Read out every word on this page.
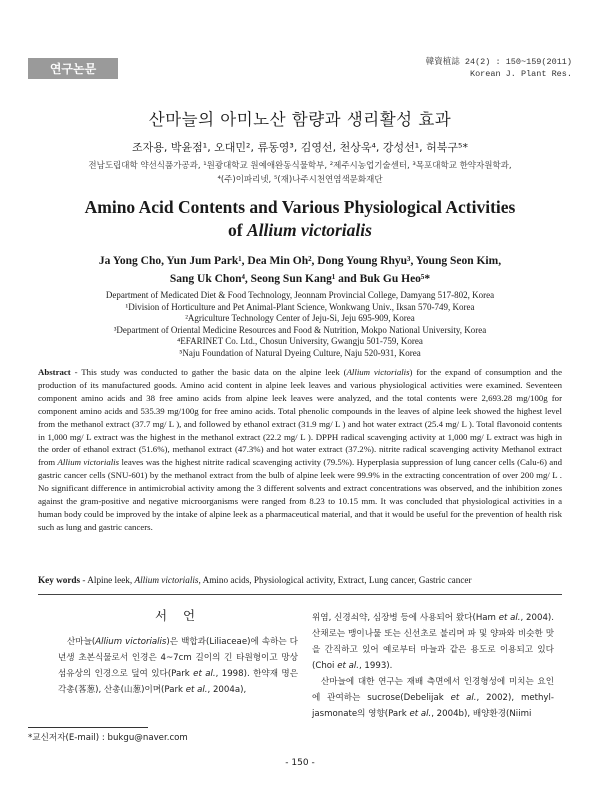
연구논문	韓資植誌 24(2) : 150~159(2011)
Korean J. Plant Res.
산마늘의 아미노산 함량과 생리활성 효과
조자용, 박윤점¹, 오대민², 류동영³, 김영선, 천상욱⁴, 강성선¹, 허북구⁵*
전남도립대학 약선식품가공과, ¹원광대학교 원예애완동식물학부, ²제주시농업기술센터, ³목포대학교 한약자원학과,
⁴(주)이파리넷, ⁵(재)나주시천연염색문화재단
Amino Acid Contents and Various Physiological Activities
of Allium victorialis
Ja Yong Cho, Yun Jum Park¹, Dea Min Oh², Dong Young Rhyu³, Young Seon Kim,
Sang Uk Chon⁴, Seong Sun Kang¹ and Buk Gu Heo⁵*
Department of Medicated Diet & Food Technology, Jeonnam Provincial College, Damyang 517-802, Korea
¹Division of Horticulture and Pet Animal-Plant Science, Wonkwang Univ., Iksan 570-749, Korea
²Agriculture Technology Center of Jeju-Si, Jeju 695-909, Korea
³Department of Oriental Medicine Resources and Food & Nutrition, Mokpo National University, Korea
⁴EFARINET Co. Ltd., Chosun University, Gwangju 501-759, Korea
⁵Naju Foundation of Natural Dyeing Culture, Naju 520-931, Korea
Abstract - This study was conducted to gather the basic data on the alpine leek (Allium victorialis) for the expand of consumption and the production of its manufactured goods. Amino acid content in alpine leek leaves and various physiological activities were examined. Seventeen component amino acids and 38 free amino acids from alpine leek leaves were analyzed, and the total contents were 2,693.28 mg/100g for component amino acids and 535.39 mg/100g for free amino acids. Total phenolic compounds in the leaves of alpine leek showed the highest level from the methanol extract (37.7 mg/ L ), and followed by ethanol extract (31.9 mg/ L ) and hot water extract (25.4 mg/ L ). Total flavonoid contents in 1,000 mg/ L extract was the highest in the methanol extract (22.2 mg/ L ). DPPH radical scavenging activity at 1,000 mg/ L extract was high in the order of ethanol extract (51.6%), methanol extract (47.3%) and hot water extract (37.2%). nitrite radical scavenging activity Methanol extract from Allium victorialis leaves was the highest nitrite radical scavenging activity (79.5%). Hyperplasia suppression of lung cancer cells (Calu-6) and gastric cancer cells (SNU-601) by the methanol extract from the bulb of alpine leek were 99.9% in the extracting concentration of over 200 mg/ L . No significant difference in antimicrobial activity among the 3 different solvents and extract concentrations was observed, and the inhibition zones against the gram-positive and negative microorganisms were ranged from 8.23 to 10.15 mm. It was concluded that physiological activities in a human body could be improved by the intake of alpine leek as a pharmaceutical material, and that it would be useful for the prevention of health risk such as lung and gastric cancers.
Key words - Alpine leek, Allium victorialis, Amino acids, Physiological activity, Extract, Lung cancer, Gastric cancer
서 언

산마늘(Allium victorialis)은 백합과(Liliaceae)에 속하는 다년생 초본식물로서 인경은 4~7cm 길이의 긴 타원형이고 망상섬유상의 인경으로 덮여 있다(Park et al., 1998). 한약재 명은 각총(茖葱), 산총(山葱)이며(Park et al., 2004a),

위염, 신경쇠약, 심장병 등에 사용되어 왔다(Ham et al., 2004). 산채로는 맹이나물 또는 신선초로 불리며 파 및 양파와 비슷한 맛을 간직하고 있어 예로부터 마늘과 같은 용도로 이용되고 있다(Choi et al., 1993).

산마늘에 대한 연구는 재배 측면에서 인경형성에 미치는 요인에 관여하는 sucrose(Debelijak et al., 2002), methyl-jasmonate의 영향(Park et al., 2004b), 배양환경(Niimi

*교신저자(E-mail) : bukgu@naver.com
- 150 -
